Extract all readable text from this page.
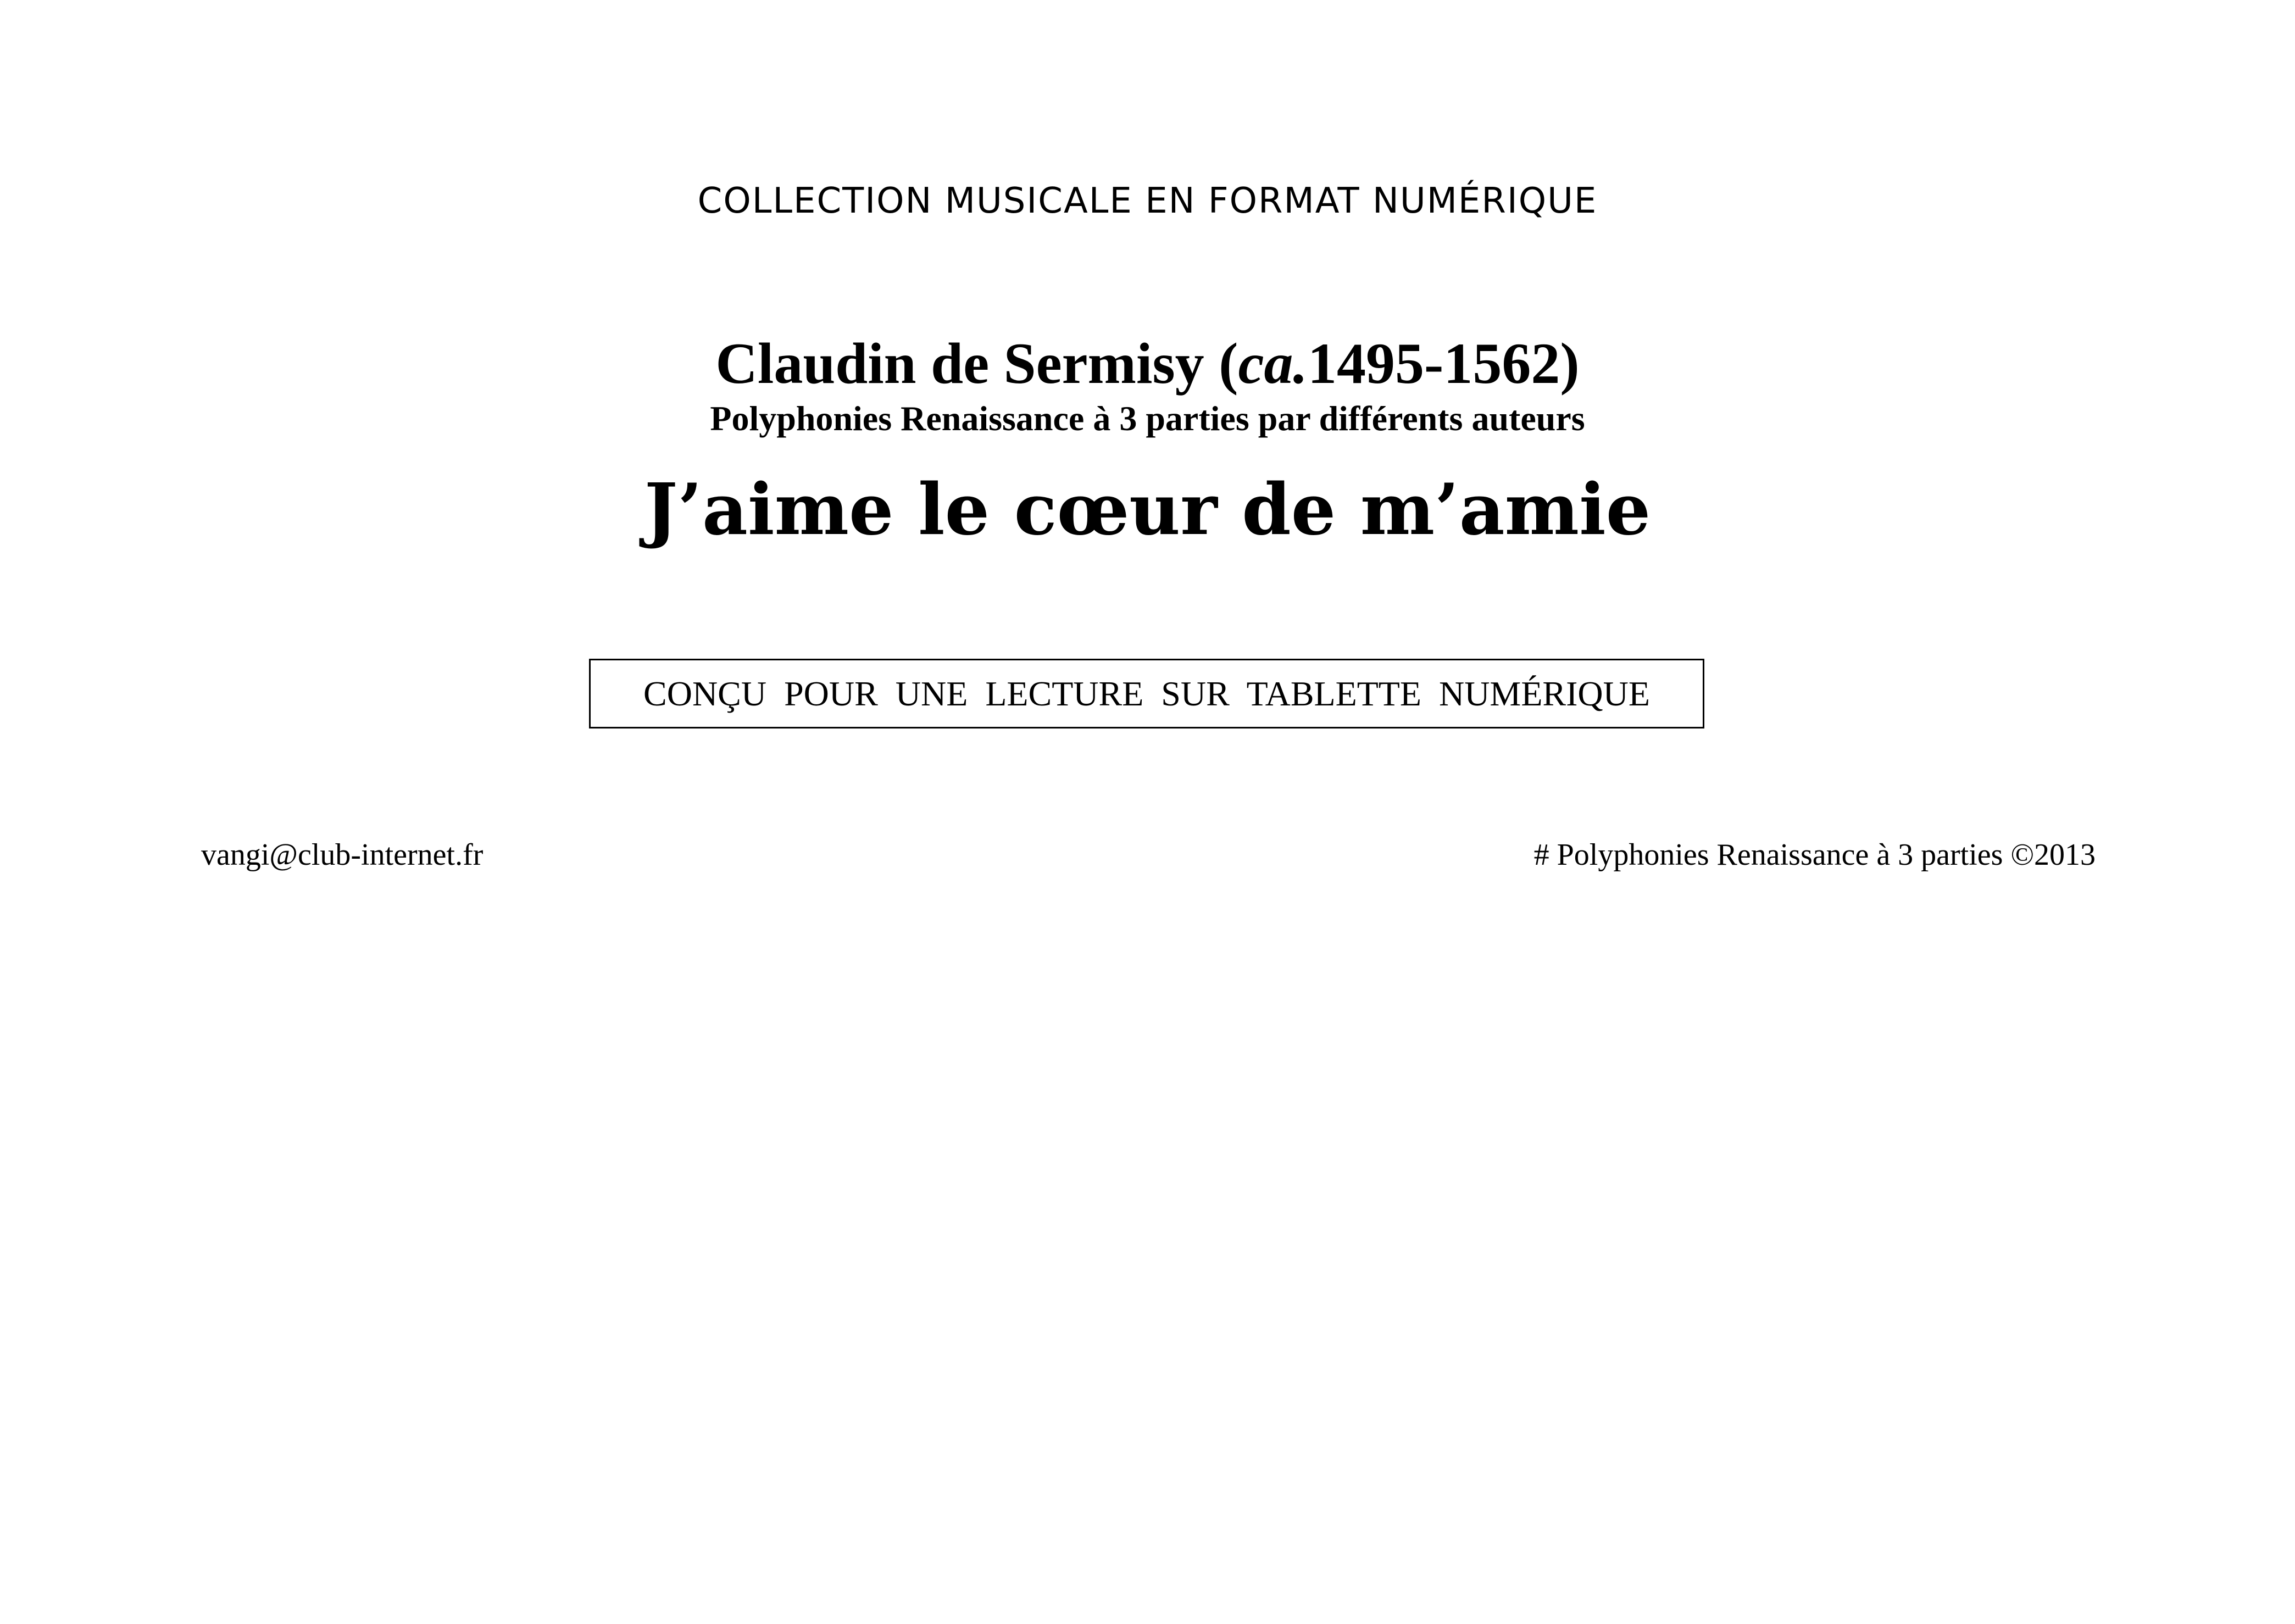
COLLECTION MUSICALE EN FORMAT NUMÉRIQUE
Claudin de Sermisy (ca.1495-1562)
Polyphonies Renaissance à 3 parties par différents auteurs
J’aime le cœur de m’amie
CONÇU POUR UNE LECTURE SUR TABLETTE NUMÉRIQUE
vangi@club-internet.fr	# Polyphonies Renaissance à 3 parties ©2013
